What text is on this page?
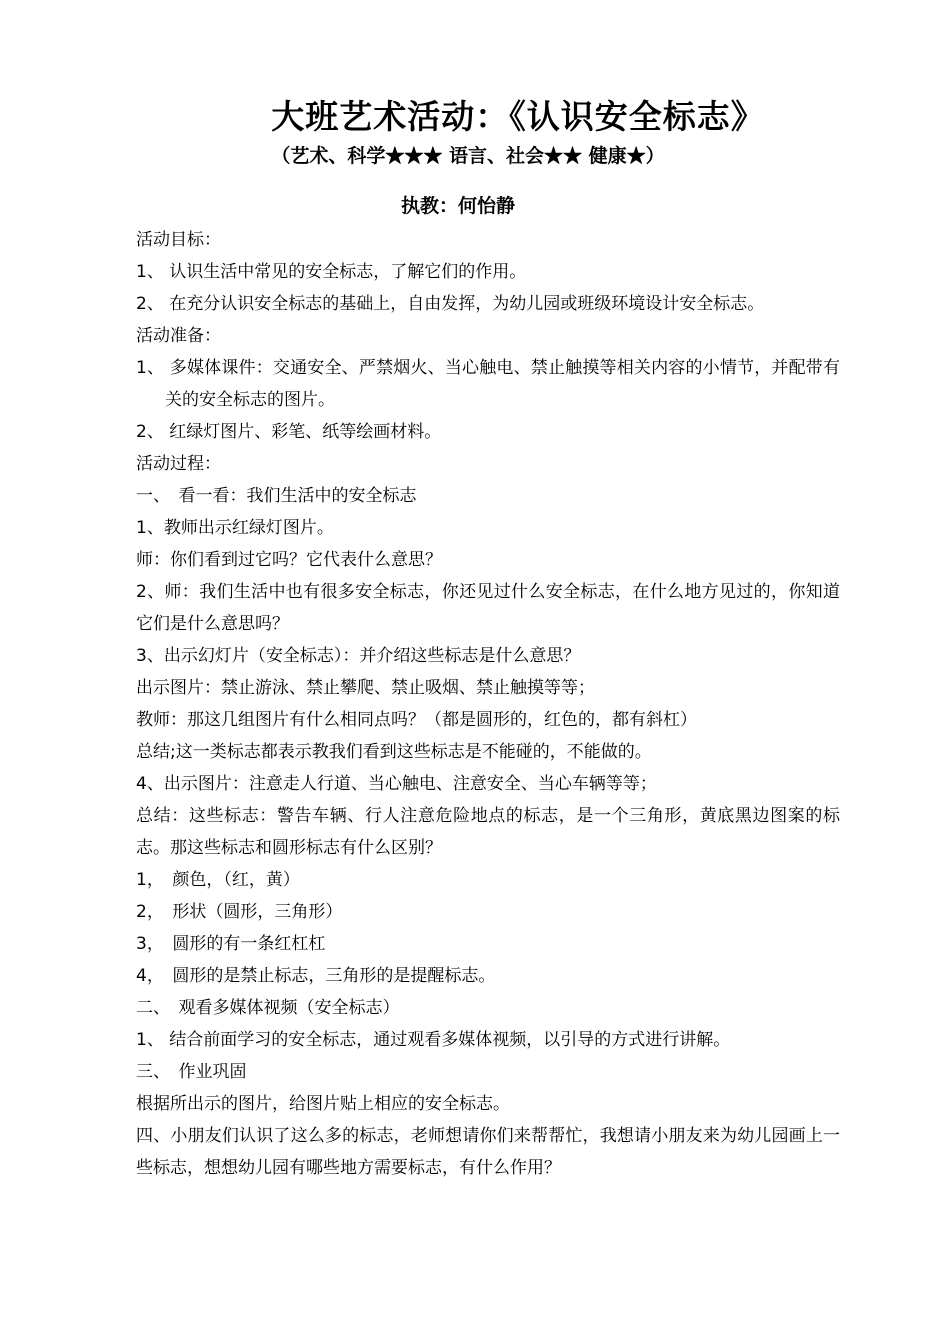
大班艺术活动：《认识安全标志》
（艺术、科学★★★ 语言、社会★★ 健康★）
执教：何怡静
活动目标：
1、 认识生活中常见的安全标志，了解它们的作用。
2、 在充分认识安全标志的基础上，自由发挥，为幼儿园或班级环境设计安全标志。
活动准备：
1、 多媒体课件：交通安全、严禁烟火、当心触电、禁止触摸等相关内容的小情节，并配带有关的安全标志的图片。
2、 红绿灯图片、彩笔、纸等绘画材料。
活动过程：
一、　看一看：我们生活中的安全标志
1、教师出示红绿灯图片。
师：你们看到过它吗？它代表什么意思？
2、师：我们生活中也有很多安全标志，你还见过什么安全标志，在什么地方见过的，你知道它们是什么意思吗？
3、出示幻灯片（安全标志）：并介绍这些标志是什么意思？
出示图片：禁止游泳、禁止攀爬、禁止吸烟、禁止触摸等等；
教师：那这几组图片有什么相同点吗？（都是圆形的，红色的，都有斜杠）
总结;这一类标志都表示教我们看到这些标志是不能碰的，不能做的。
4、出示图片：注意走人行道、当心触电、注意安全、当心车辆等等；
总结：这些标志：警告车辆、行人注意危险地点的标志，是一个三角形，黄底黑边图案的标志。那这些标志和圆形标志有什么区别？
1，　颜色，（红，黄）
2，　形状（圆形，三角形）
3，　圆形的有一条红杠杠
4，　圆形的是禁止标志，三角形的是提醒标志。
二、　观看多媒体视频（安全标志）
1、 结合前面学习的安全标志，通过观看多媒体视频，以引导的方式进行讲解。
三、　作业巩固
根据所出示的图片，给图片贴上相应的安全标志。
四、小朋友们认识了这么多的标志，老师想请你们来帮帮忙，我想请小朋友来为幼儿园画上一些标志，想想幼儿园有哪些地方需要标志，有什么作用？
